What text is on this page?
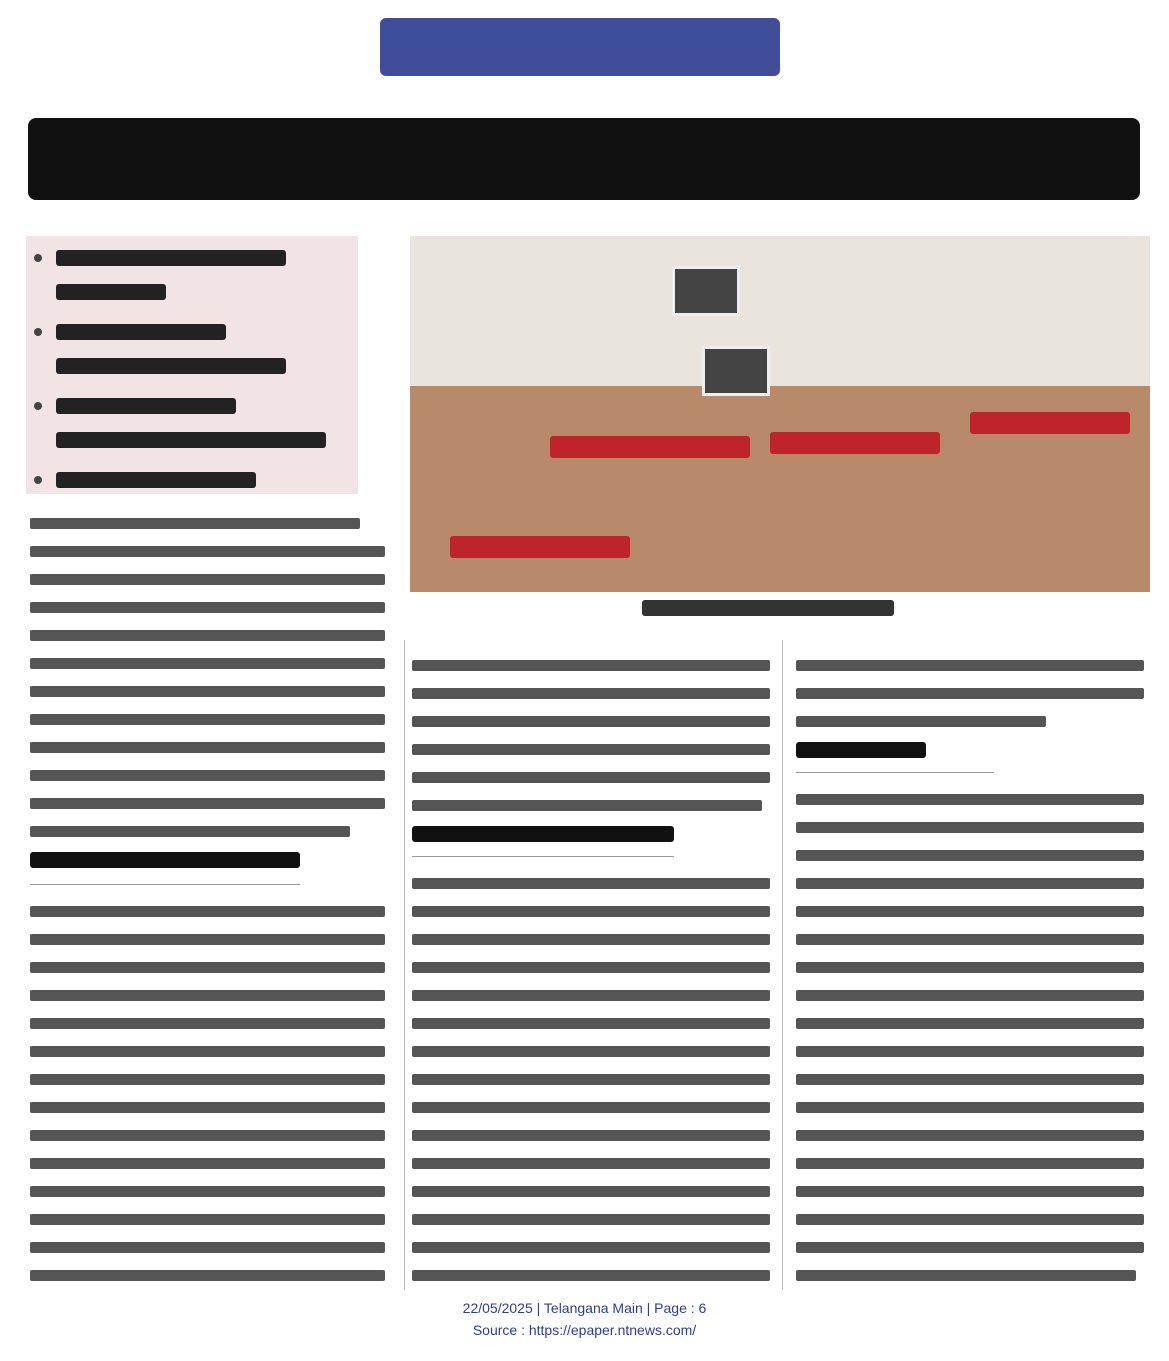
22/05/2025 | Telangana Main | Page : 6
Source : https://epaper.ntnews.com/
